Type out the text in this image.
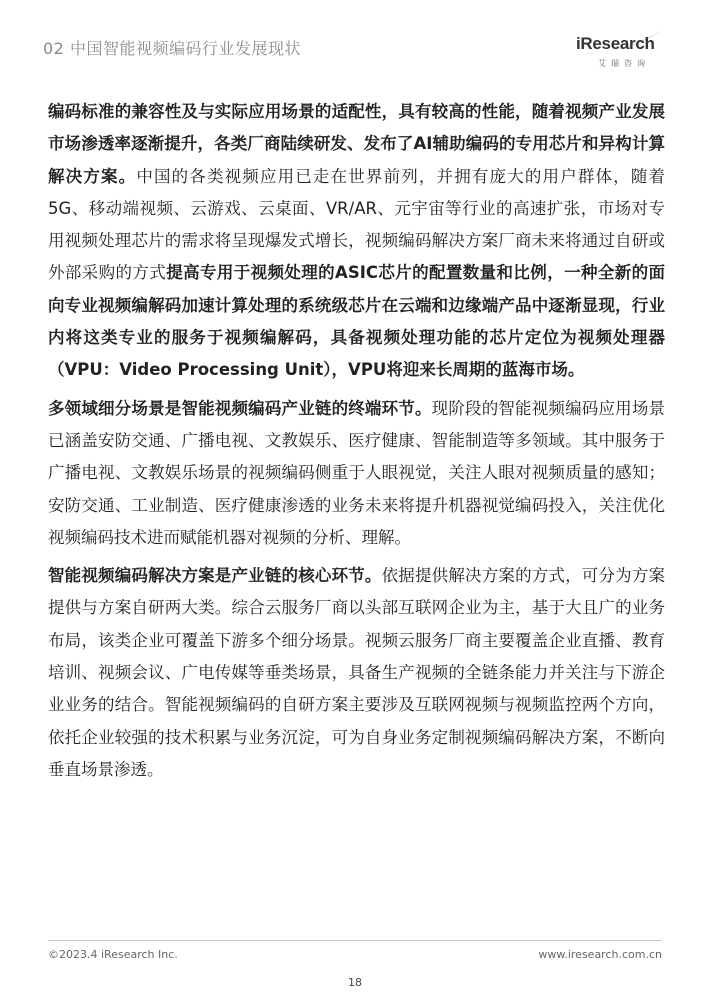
02 中国智能视频编码行业发展现状	iResearch
艾瑞咨询

编码标准的兼容性及与实际应用场景的适配性，具有较高的性能，随着视频产业发展市场渗透率逐渐提升，各类厂商陆续研发、发布了AI辅助编码的专用芯片和异构计算解决方案。中国的各类视频应用已走在世界前列，并拥有庞大的用户群体，随着5G、移动端视频、云游戏、云桌面、VR/AR、元宇宙等行业的高速扩张，市场对专用视频处理芯片的需求将呈现爆发式增长，视频编码解决方案厂商未来将通过自研或外部采购的方式提高专用于视频处理的ASIC芯片的配置数量和比例，一种全新的面向专业视频编解码加速计算处理的系统级芯片在云端和边缘端产品中逐渐显现，行业内将这类专业的服务于视频编解码，具备视频处理功能的芯片定位为视频处理器（VPU：Video Processing Unit），VPU将迎来长周期的蓝海市场。

多领域细分场景是智能视频编码产业链的终端环节。现阶段的智能视频编码应用场景已涵盖安防交通、广播电视、文教娱乐、医疗健康、智能制造等多领域。其中服务于广播电视、文教娱乐场景的视频编码侧重于人眼视觉，关注人眼对视频质量的感知；安防交通、工业制造、医疗健康渗透的业务未来将提升机器视觉编码投入，关注优化视频编码技术进而赋能机器对视频的分析、理解。

智能视频编码解决方案是产业链的核心环节。依据提供解决方案的方式，可分为方案提供与方案自研两大类。综合云服务厂商以头部互联网企业为主，基于大且广的业务布局，该类企业可覆盖下游多个细分场景。视频云服务厂商主要覆盖企业直播、教育培训、视频会议、广电传媒等垂类场景，具备生产视频的全链条能力并关注与下游企业业务的结合。智能视频编码的自研方案主要涉及互联网视频与视频监控两个方向，依托企业较强的技术积累与业务沉淀，可为自身业务定制视频编码解决方案，不断向垂直场景渗透。

©2023.4 iResearch Inc.	www.iresearch.com.cn
18
